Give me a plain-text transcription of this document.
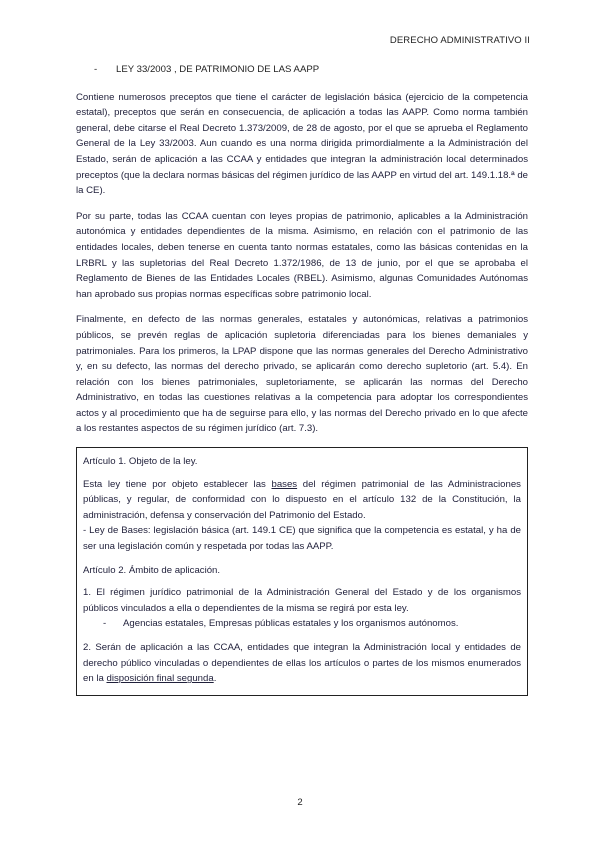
DERECHO ADMINISTRATIVO II
- LEY 33/2003 , DE PATRIMONIO DE LAS AAPP

Contiene numerosos preceptos que tiene el carácter de legislación básica (ejercicio de la competencia estatal), preceptos que serán en consecuencia, de aplicación a todas las AAPP. Como norma también general, debe citarse el Real Decreto 1.373/2009, de 28 de agosto, por el que se aprueba el Reglamento General de la Ley 33/2003. Aun cuando es una norma dirigida primordialmente a la Administración del Estado, serán de aplicación a las CCAA y entidades que integran la administración local determinados preceptos (que la declara normas básicas del régimen jurídico de las AAPP en virtud del art. 149.1.18.ª de la CE).

Por su parte, todas las CCAA cuentan con leyes propias de patrimonio, aplicables a la Administración autonómica y entidades dependientes de la misma. Asimismo, en relación con el patrimonio de las entidades locales, deben tenerse en cuenta tanto normas estatales, como las básicas contenidas en la LRBRL y las supletorias del Real Decreto 1.372/1986, de 13 de junio, por el que se aprobaba el Reglamento de Bienes de las Entidades Locales (RBEL). Asimismo, algunas Comunidades Autónomas han aprobado sus propias normas específicas sobre patrimonio local.

Finalmente, en defecto de las normas generales, estatales y autonómicas, relativas a patrimonios públicos, se prevén reglas de aplicación supletoria diferenciadas para los bienes demaniales y patrimoniales. Para los primeros, la LPAP dispone que las normas generales del Derecho Administrativo y, en su defecto, las normas del derecho privado, se aplicarán como derecho supletorio (art. 5.4). En relación con los bienes patrimoniales, supletoriamente, se aplicarán las normas del Derecho Administrativo, en todas las cuestiones relativas a la competencia para adoptar los correspondientes actos y al procedimiento que ha de seguirse para ello, y las normas del Derecho privado en lo que afecte a los restantes aspectos de su régimen jurídico (art. 7.3).

Artículo 1. Objeto de la ley.

Esta ley tiene por objeto establecer las bases del régimen patrimonial de las Administraciones públicas, y regular, de conformidad con lo dispuesto en el artículo 132 de la Constitución, la administración, defensa y conservación del Patrimonio del Estado.

- Ley de Bases: legislación básica (art. 149.1 CE) que significa que la competencia es estatal, y ha de ser una legislación común y respetada por todas las AAPP.

Artículo 2. Ámbito de aplicación.

1. El régimen jurídico patrimonial de la Administración General del Estado y de los organismos públicos vinculados a ella o dependientes de la misma se regirá por esta ley.

- Agencias estatales, Empresas públicas estatales y los organismos autónomos.

2. Serán de aplicación a las CCAA, entidades que integran la Administración local y entidades de derecho público vinculadas o dependientes de ellas los artículos o partes de los mismos enumerados en la disposición final segunda.

2
